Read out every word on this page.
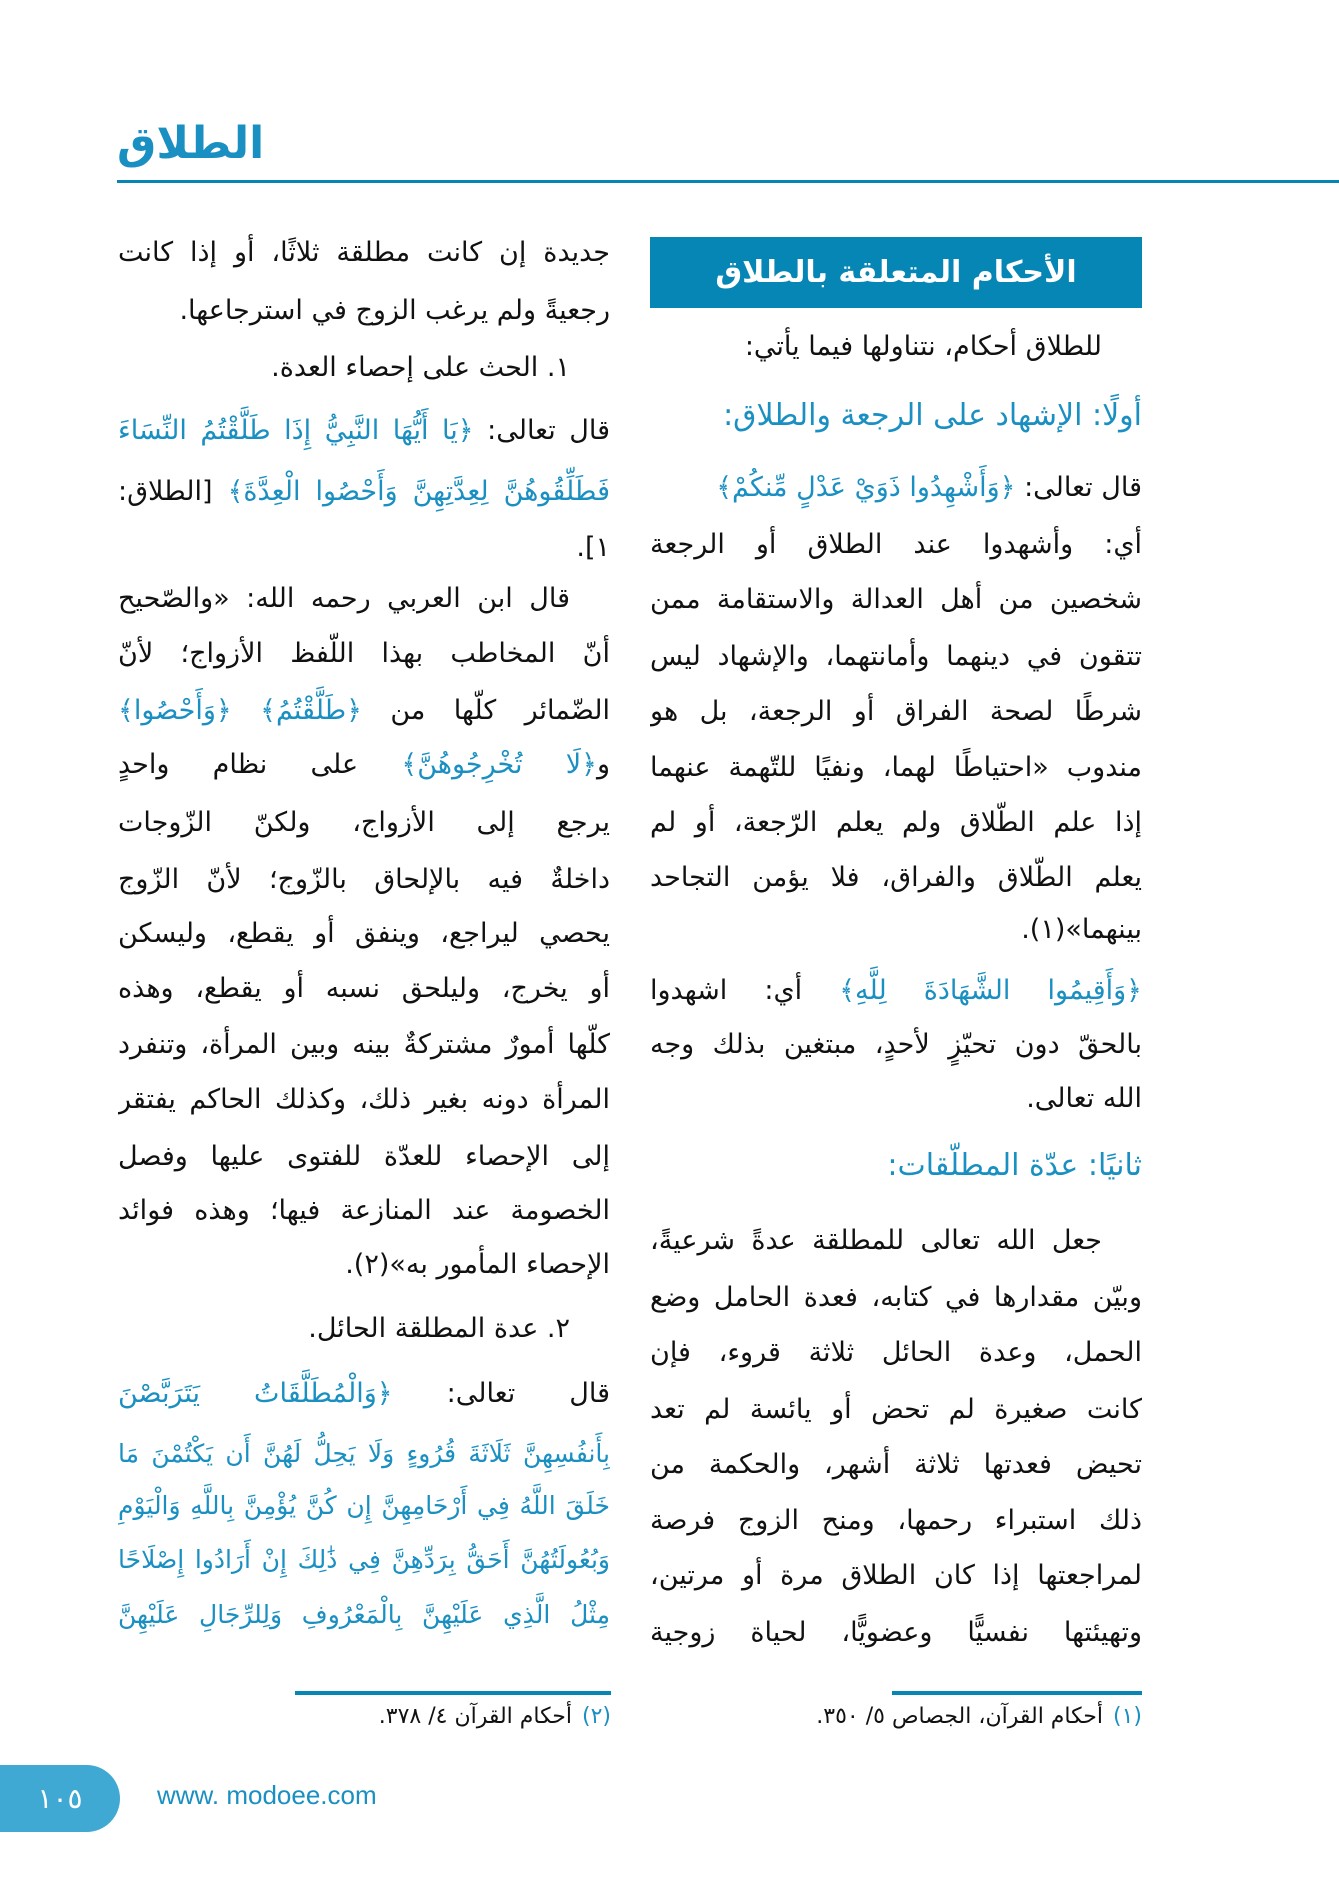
الطلاق
الأحكام المتعلقة بالطلاق
للطلاق أحكام، نتناولها فيما يأتي:
أولًا: الإشهاد على الرجعة والطلاق:
قال تعالى: ﴿وَأَشْهِدُوا ذَوَيْ عَدْلٍ مِّنكُمْ﴾
أي: وأشهدوا عند الطلاق أو الرجعة
شخصين من أهل العدالة والاستقامة ممن
تتقون في دينهما وأمانتهما، والإشهاد ليس
شرطًا لصحة الفراق أو الرجعة، بل هو
مندوب «احتياطًا لهما، ونفيًا للتّهمة عنهما
إذا علم الطّلاق ولم يعلم الرّجعة، أو لم
يعلم الطّلاق والفراق، فلا يؤمن التجاحد
بينهما»(١).
﴿وَأَقِيمُوا الشَّهَادَةَ لِلَّهِ﴾ أي: اشهدوا
بالحقّ دون تحيّزٍ لأحدٍ، مبتغين بذلك وجه
الله تعالى.
ثانيًا: عدّة المطلّقات:
جعل الله تعالى للمطلقة عدةً شرعيةً،
وبيّن مقدارها في كتابه، فعدة الحامل وضع
الحمل، وعدة الحائل ثلاثة قروء، فإن
كانت صغيرة لم تحض أو يائسة لم تعد
تحيض فعدتها ثلاثة أشهر، والحكمة من
ذلك استبراء رحمها، ومنح الزوج فرصة
لمراجعتها إذا كان الطلاق مرة أو مرتين،
وتهيئتها نفسيًّا وعضويًّا، لحياة زوجية
جديدة إن كانت مطلقة ثلاثًا، أو إذا كانت
رجعيةً ولم يرغب الزوج في استرجاعها.
١. الحث على إحصاء العدة.
قال تعالى: ﴿يَا أَيُّهَا النَّبِيُّ إِذَا طَلَّقْتُمُ النِّسَاءَ
فَطَلِّقُوهُنَّ لِعِدَّتِهِنَّ وَأَحْصُوا الْعِدَّةَ﴾ [الطلاق:
١].
قال ابن العربي رحمه الله: «والصّحيح
أنّ المخاطب بهذا اللّفظ الأزواج؛ لأنّ
الضّمائر كلّها من ﴿طَلَّقْتُمُ﴾ ﴿وَأَحْصُوا﴾
و﴿لَا تُخْرِجُوهُنَّ﴾ على نظام واحدٍ
يرجع إلى الأزواج، ولكنّ الزّوجات
داخلةٌ فيه بالإلحاق بالزّوج؛ لأنّ الزّوج
يحصي ليراجع، وينفق أو يقطع، وليسكن
أو يخرج، وليلحق نسبه أو يقطع، وهذه
كلّها أمورٌ مشتركةٌ بينه وبين المرأة، وتنفرد
المرأة دونه بغير ذلك، وكذلك الحاكم يفتقر
إلى الإحصاء للعدّة للفتوى عليها وفصل
الخصومة عند المنازعة فيها؛ وهذه فوائد
الإحصاء المأمور به»(٢).
٢. عدة المطلقة الحائل.
قال تعالى: ﴿وَالْمُطَلَّقَاتُ يَتَرَبَّصْنَ
بِأَنفُسِهِنَّ ثَلَاثَةَ قُرُوءٍ وَلَا يَحِلُّ لَهُنَّ أَن يَكْتُمْنَ مَا
خَلَقَ اللَّهُ فِي أَرْحَامِهِنَّ إِن كُنَّ يُؤْمِنَّ بِاللَّهِ وَالْيَوْمِ
وَبُعُولَتُهُنَّ أَحَقُّ بِرَدِّهِنَّ فِي ذَٰلِكَ إِنْ أَرَادُوا إِصْلَاحًا
مِثْلُ الَّذِي عَلَيْهِنَّ بِالْمَعْرُوفِ وَلِلرِّجَالِ عَلَيْهِنَّ
(١)أحكام القرآن، الجصاص ٥/ ٣٥٠.
(٢)أحكام القرآن ٤/ ٣٧٨.
١٠٥	www. modoee.com
